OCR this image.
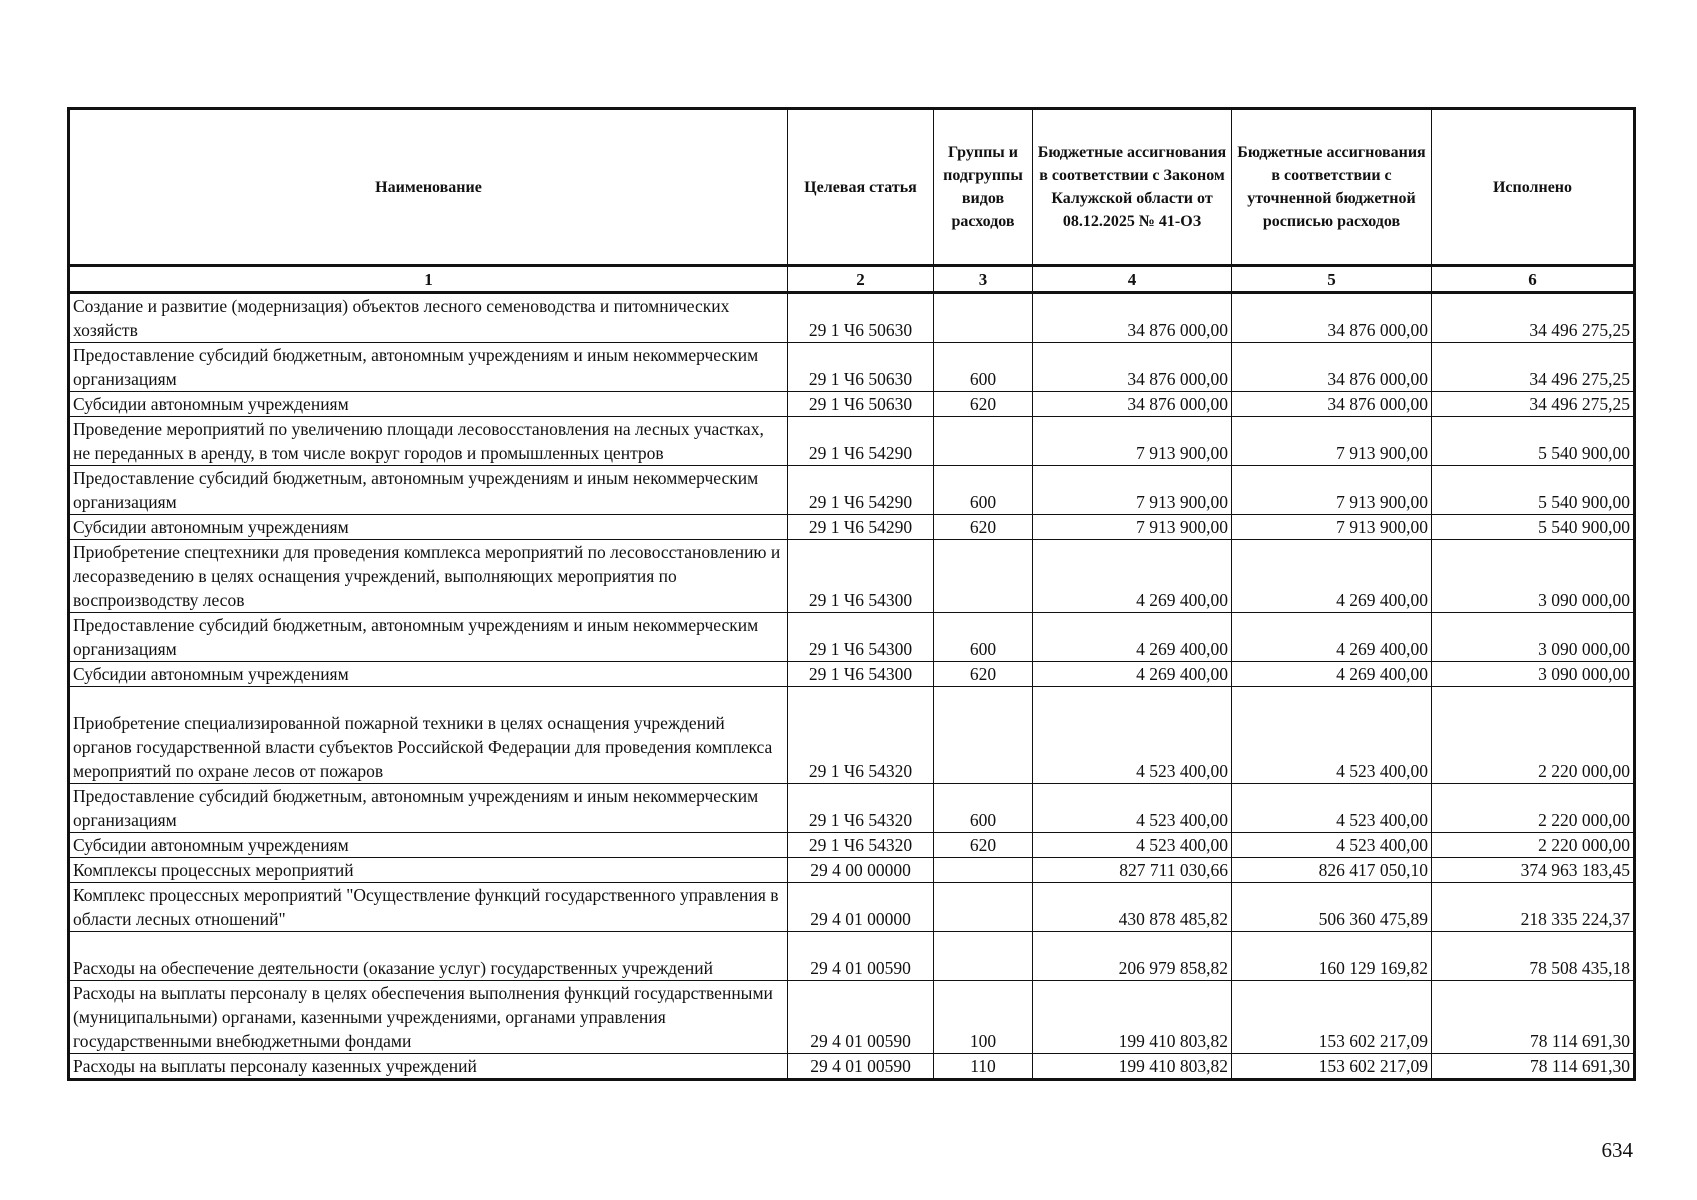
Наименование	Целевая статья	Группы и подгруппы видов расходов	Бюджетные ассигнования в соответствии с Законом Калужской области от 08.12.2025 № 41-ОЗ	Бюджетные ассигнования в соответствии с уточненной бюджетной росписью расходов	Исполнено
1	2	3	4	5	6
Создание и развитие (модернизация) объектов лесного семеноводства и питомнических хозяйств	29 1 Ч6 50630		34 876 000,00	34 876 000,00	34 496 275,25
Предоставление субсидий бюджетным, автономным учреждениям и иным некоммерческим организациям	29 1 Ч6 50630	600	34 876 000,00	34 876 000,00	34 496 275,25
Субсидии автономным учреждениям	29 1 Ч6 50630	620	34 876 000,00	34 876 000,00	34 496 275,25
Проведение мероприятий по увеличению площади лесовосстановления на лесных участках, не переданных в аренду, в том числе вокруг городов и промышленных центров	29 1 Ч6 54290		7 913 900,00	7 913 900,00	5 540 900,00
Предоставление субсидий бюджетным, автономным учреждениям и иным некоммерческим организациям	29 1 Ч6 54290	600	7 913 900,00	7 913 900,00	5 540 900,00
Субсидии автономным учреждениям	29 1 Ч6 54290	620	7 913 900,00	7 913 900,00	5 540 900,00
Приобретение спецтехники для проведения комплекса мероприятий по лесовосстановлению и лесоразведению в целях оснащения учреждений, выполняющих мероприятия по воспроизводству лесов	29 1 Ч6 54300		4 269 400,00	4 269 400,00	3 090 000,00
Предоставление субсидий бюджетным, автономным учреждениям и иным некоммерческим организациям	29 1 Ч6 54300	600	4 269 400,00	4 269 400,00	3 090 000,00
Субсидии автономным учреждениям	29 1 Ч6 54300	620	4 269 400,00	4 269 400,00	3 090 000,00
Приобретение специализированной пожарной техники в целях оснащения учреждений органов государственной власти субъектов Российской Федерации для проведения комплекса мероприятий по охране лесов от пожаров	29 1 Ч6 54320		4 523 400,00	4 523 400,00	2 220 000,00
Предоставление субсидий бюджетным, автономным учреждениям и иным некоммерческим организациям	29 1 Ч6 54320	600	4 523 400,00	4 523 400,00	2 220 000,00
Субсидии автономным учреждениям	29 1 Ч6 54320	620	4 523 400,00	4 523 400,00	2 220 000,00
Комплексы процессных мероприятий	29 4 00 00000		827 711 030,66	826 417 050,10	374 963 183,45
Комплекс процессных мероприятий "Осуществление функций государственного управления в области лесных отношений"	29 4 01 00000		430 878 485,82	506 360 475,89	218 335 224,37
Расходы на обеспечение деятельности (оказание услуг) государственных учреждений	29 4 01 00590		206 979 858,82	160 129 169,82	78 508 435,18
Расходы на выплаты персоналу в целях обеспечения выполнения функций государственными (муниципальными) органами, казенными учреждениями, органами управления государственными внебюджетными фондами	29 4 01 00590	100	199 410 803,82	153 602 217,09	78 114 691,30
Расходы на выплаты персоналу казенных учреждений	29 4 01 00590	110	199 410 803,82	153 602 217,09	78 114 691,30
634
